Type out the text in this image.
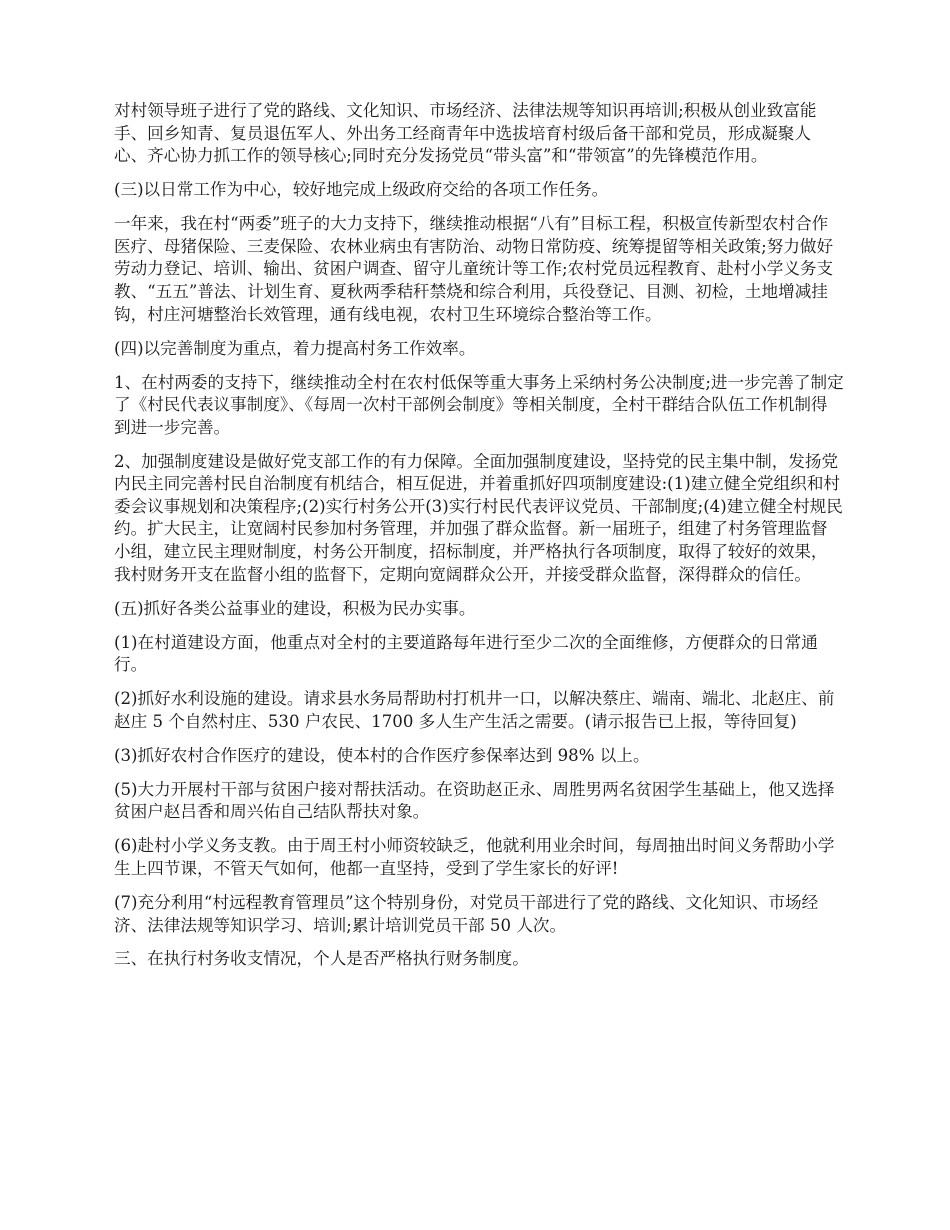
对村领导班子进行了党的路线、文化知识、市场经济、法律法规等知识再培训;积极从创业致富能手、回乡知青、复员退伍军人、外出务工经商青年中选拔培育村级后备干部和党员，形成凝聚人心、齐心协力抓工作的领导核心;同时充分发扬党员“带头富”和“带领富”的先锋模范作用。

(三)以日常工作为中心，较好地完成上级政府交给的各项工作任务。

一年来，我在村“两委”班子的大力支持下，继续推动根据“八有”目标工程，积极宣传新型农村合作医疗、母猪保险、三麦保险、农林业病虫有害防治、动物日常防疫、统筹提留等相关政策;努力做好劳动力登记、培训、输出、贫困户调查、留守儿童统计等工作;农村党员远程教育、赴村小学义务支教、“五五”普法、计划生育、夏秋两季秸秆禁烧和综合利用，兵役登记、目测、初检，土地增减挂钩，村庄河塘整治长效管理，通有线电视，农村卫生环境综合整治等工作。

(四)以完善制度为重点，着力提高村务工作效率。

1、在村两委的支持下，继续推动全村在农村低保等重大事务上采纳村务公决制度;进一步完善了制定了《村民代表议事制度》、《每周一次村干部例会制度》等相关制度，全村干群结合队伍工作机制得到进一步完善。

2、加强制度建设是做好党支部工作的有力保障。全面加强制度建设，坚持党的民主集中制，发扬党内民主同完善村民自治制度有机结合，相互促进，并着重抓好四项制度建设:(1)建立健全党组织和村委会议事规划和决策程序;(2)实行村务公开(3)实行村民代表评议党员、干部制度;(4)建立健全村规民约。扩大民主，让宽阔村民参加村务管理，并加强了群众监督。新一届班子，组建了村务管理监督小组，建立民主理财制度，村务公开制度，招标制度，并严格执行各项制度，取得了较好的效果，我村财务开支在监督小组的监督下，定期向宽阔群众公开，并接受群众监督，深得群众的信任。

(五)抓好各类公益事业的建设，积极为民办实事。

(1)在村道建设方面，他重点对全村的主要道路每年进行至少二次的全面维修，方便群众的日常通行。

(2)抓好水利设施的建设。请求县水务局帮助村打机井一口，以解决蔡庄、端南、端北、北赵庄、前赵庄 5 个自然村庄、530 户农民、1700 多人生产生活之需要。(请示报告已上报，等待回复)

(3)抓好农村合作医疗的建设，使本村的合作医疗参保率达到 98% 以上。

(5)大力开展村干部与贫困户接对帮扶活动。在资助赵正永、周胜男两名贫困学生基础上，他又选择贫困户赵吕香和周兴佑自己结队帮扶对象。

(6)赴村小学义务支教。由于周王村小师资较缺乏，他就利用业余时间，每周抽出时间义务帮助小学生上四节课，不管天气如何，他都一直坚持，受到了学生家长的好评!

(7)充分利用“村远程教育管理员”这个特别身份，对党员干部进行了党的路线、文化知识、市场经济、法律法规等知识学习、培训;累计培训党员干部 50 人次。

三、在执行村务收支情况，个人是否严格执行财务制度。
